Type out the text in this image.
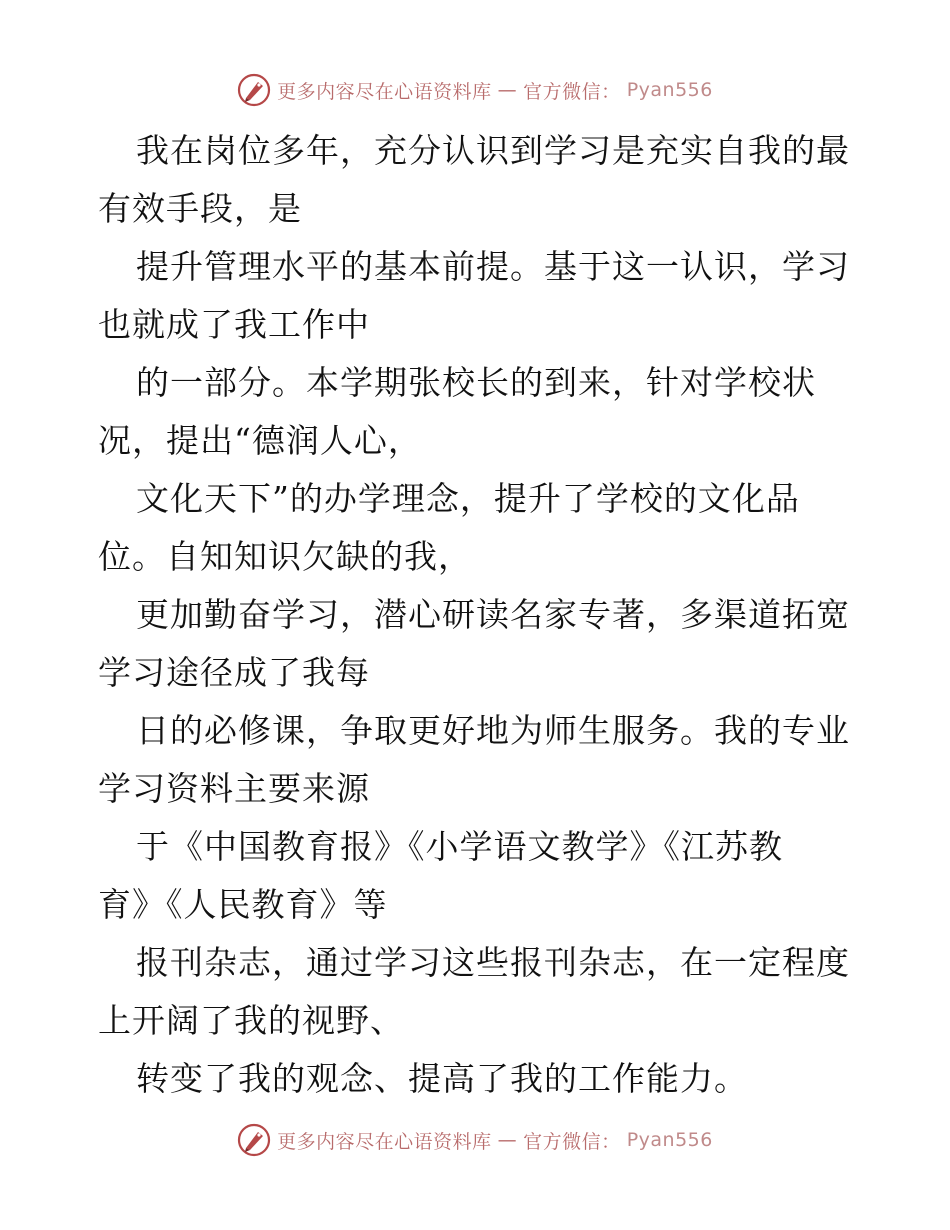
更多内容尽在心语资料库 — 官方微信： Pyan556
我在岗位多年，充分认识到学习是充实自我的最
有效手段，是
提升管理水平的基本前提。基于这一认识，学习
也就成了我工作中
的一部分。本学期张校长的到来，针对学校状
况，提出“德润人心，
文化天下”的办学理念，提升了学校的文化品
位。自知知识欠缺的我，
更加勤奋学习，潜心研读名家专著，多渠道拓宽
学习途径成了我每
日的必修课，争取更好地为师生服务。我的专业
学习资料主要来源
于《中国教育报》《小学语文教学》《江苏教
育》《人民教育》等
报刊杂志，通过学习这些报刊杂志，在一定程度
上开阔了我的视野、
转变了我的观念、提高了我的工作能力。
更多内容尽在心语资料库 — 官方微信： Pyan556
